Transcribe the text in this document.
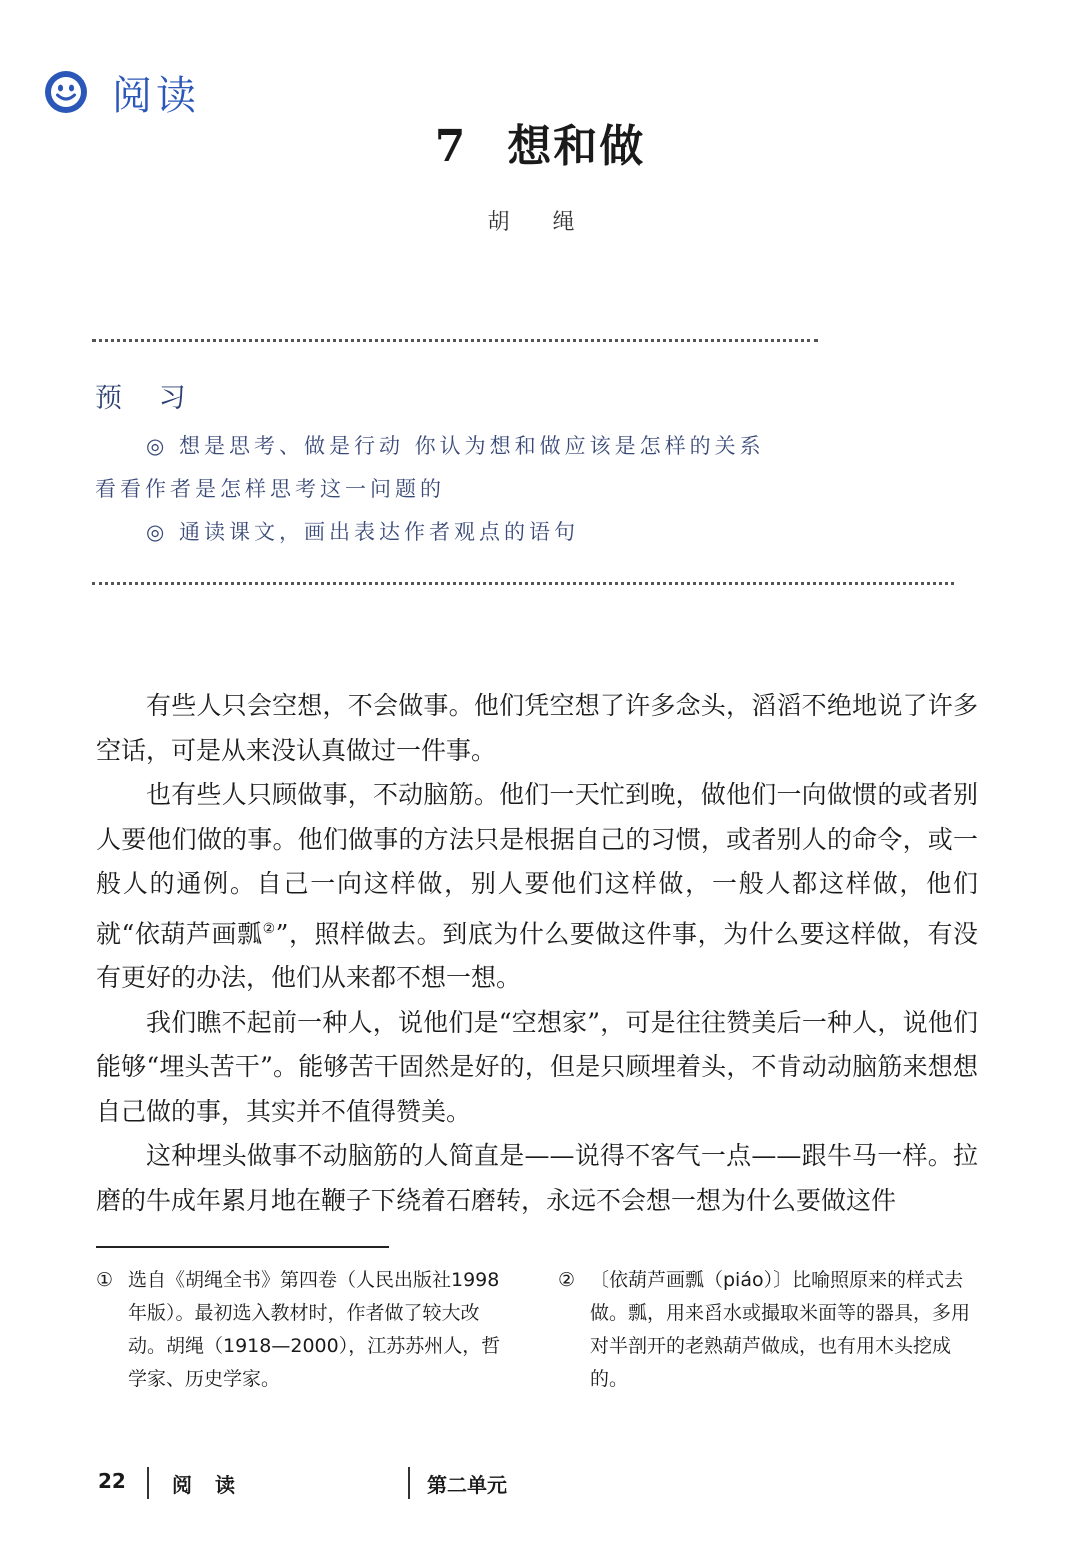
阅读
7 想和做
胡 绳
预 习
◎ 想是思考、做是行动 你认为想和做应该是怎样的关系
看看作者是怎样思考这一问题的
◎ 通读课文，画出表达作者观点的语句

有些人只会空想，不会做事。他们凭空想了许多念头，滔滔不绝地说了许多空话，可是从来没认真做过一件事。

也有些人只顾做事，不动脑筋。他们一天忙到晚，做他们一向做惯的或者别人要他们做的事。他们做事的方法只是根据自己的习惯，或者别人的命令，或一般人的通例。自己一向这样做，别人要他们这样做，一般人都这样做，他们就“依葫芦画瓢②”，照样做去。到底为什么要做这件事，为什么要这样做，有没有更好的办法，他们从来都不想一想。

我们瞧不起前一种人，说他们是“空想家”，可是往往赞美后一种人，说他们能够“埋头苦干”。能够苦干固然是好的，但是只顾埋着头，不肯动动脑筋来想想自己做的事，其实并不值得赞美。

这种埋头做事不动脑筋的人简直是——说得不客气一点——跟牛马一样。拉磨的牛成年累月地在鞭子下绕着石磨转，永远不会想一想为什么要做这件

① 选自《胡绳全书》第四卷（人民出版社1998年版）。最初选入教材时，作者做了较大改动。胡绳（1918—2000），江苏苏州人，哲学家、历史学家。
② 〔依葫芦画瓢（piáo）〕比喻照原来的样式去做。瓢，用来舀水或撮取米面等的器具，多用对半剖开的老熟葫芦做成，也有用木头挖成的。
22 阅 读	第二单元
